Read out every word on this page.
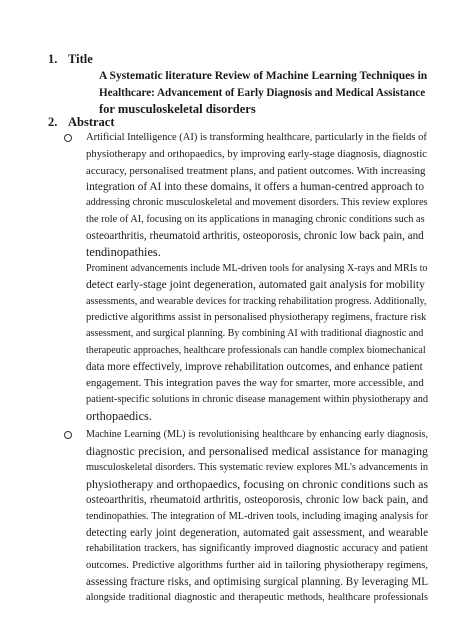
1. Title
A Systematic literature Review of Machine Learning Techniques in
Healthcare: Advancement of Early Diagnosis and Medical Assistance
for musculoskeletal disorders
2. Abstract
Artificial Intelligence (AI) is transforming healthcare, particularly in the fields of
physiotherapy and orthopaedics, by improving early-stage diagnosis, diagnostic
accuracy, personalised treatment plans, and patient outcomes. With increasing
integration of AI into these domains, it offers a human-centred approach to
addressing chronic musculoskeletal and movement disorders. This review explores
the role of AI, focusing on its applications in managing chronic conditions such as
osteoarthritis, rheumatoid arthritis, osteoporosis, chronic low back pain, and
tendinopathies.
Prominent advancements include ML-driven tools for analysing X-rays and MRIs to
detect early-stage joint degeneration, automated gait analysis for mobility
assessments, and wearable devices for tracking rehabilitation progress. Additionally,
predictive algorithms assist in personalised physiotherapy regimens, fracture risk
assessment, and surgical planning. By combining AI with traditional diagnostic and
therapeutic approaches, healthcare professionals can handle complex biomechanical
data more effectively, improve rehabilitation outcomes, and enhance patient
engagement. This integration paves the way for smarter, more accessible, and
patient-specific solutions in chronic disease management within physiotherapy and
orthopaedics.
Machine Learning (ML) is revolutionising healthcare by enhancing early diagnosis,
diagnostic precision, and personalised medical assistance for managing
musculoskeletal disorders. This systematic review explores ML's advancements in
physiotherapy and orthopaedics, focusing on chronic conditions such as
osteoarthritis, rheumatoid arthritis, osteoporosis, chronic low back pain, and
tendinopathies. The integration of ML-driven tools, including imaging analysis for
detecting early joint degeneration, automated gait assessment, and wearable
rehabilitation trackers, has significantly improved diagnostic accuracy and patient
outcomes. Predictive algorithms further aid in tailoring physiotherapy regimens,
assessing fracture risks, and optimising surgical planning. By leveraging ML
alongside traditional diagnostic and therapeutic methods, healthcare professionals
